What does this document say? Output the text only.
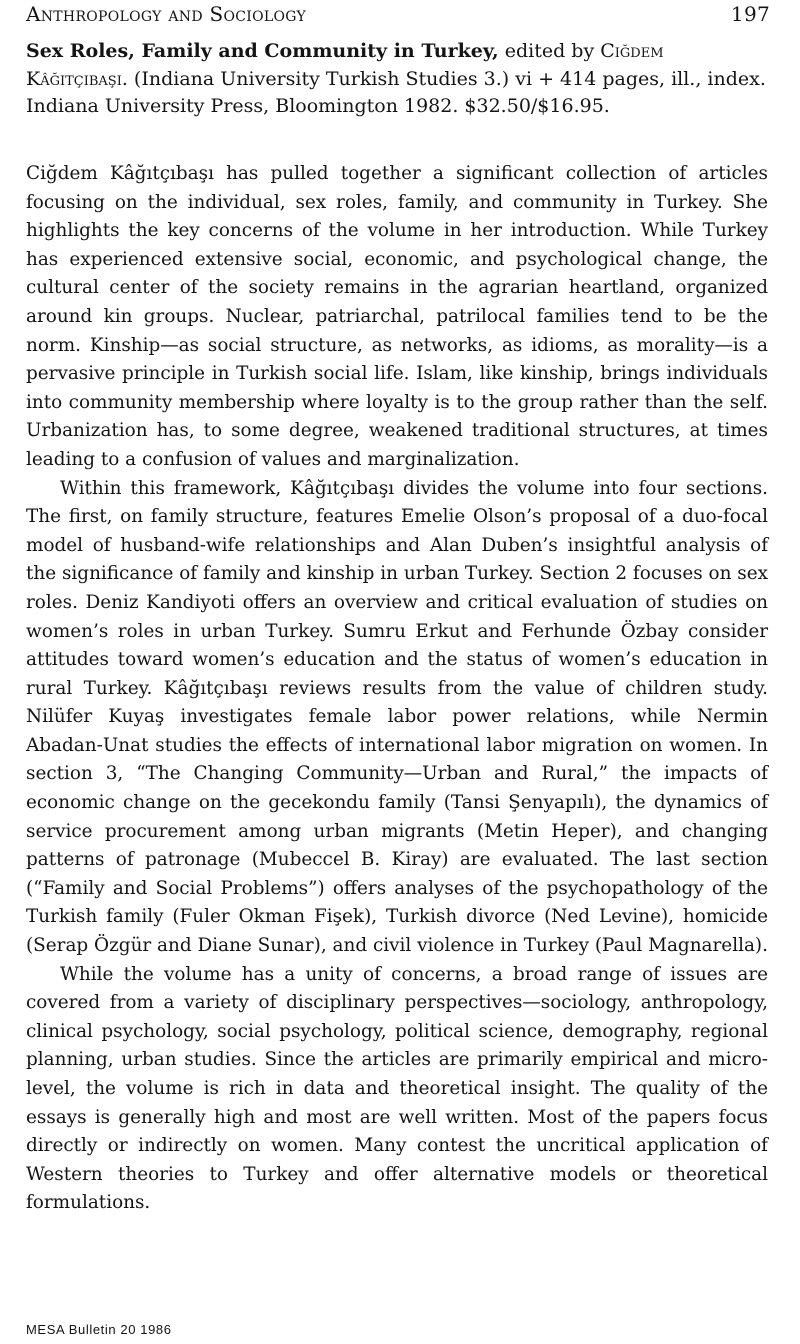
Anthropology and Sociology	197
Sex Roles, Family and Community in Turkey, edited by Ciğdem Kâğitçibaşi. (Indiana University Turkish Studies 3.) vi + 414 pages, ill., index. Indiana University Press, Bloomington 1982. $32.50/$16.95.

Ciğdem Kâğıtçıbaşı has pulled together a significant collection of articles focusing on the individual, sex roles, family, and community in Turkey. She highlights the key concerns of the volume in her introduction. While Turkey has experienced extensive social, economic, and psychological change, the cultural center of the society remains in the agrarian heartland, organized around kin groups. Nuclear, patriarchal, patrilocal families tend to be the norm. Kinship—as social structure, as networks, as idioms, as morality—is a pervasive principle in Turkish social life. Islam, like kinship, brings individuals into community membership where loyalty is to the group rather than the self. Urbanization has, to some degree, weakened traditional structures, at times leading to a confusion of values and marginalization.

Within this framework, Kâğıtçıbaşı divides the volume into four sections. The first, on family structure, features Emelie Olson’s proposal of a duo-focal model of husband-wife relationships and Alan Duben’s insightful analysis of the significance of family and kinship in urban Turkey. Section 2 focuses on sex roles. Deniz Kandiyoti offers an overview and critical evaluation of studies on women’s roles in urban Turkey. Sumru Erkut and Ferhunde Özbay consider attitudes toward women’s education and the status of women’s education in rural Turkey. Kâğıtçıbaşı reviews results from the value of children study. Nilüfer Kuyaş investigates female labor power relations, while Nermin Abadan-Unat studies the effects of international labor migration on women. In section 3, “The Changing Community—Urban and Rural,” the impacts of economic change on the gecekondu family (Tansi Şenyapılı), the dynamics of service procurement among urban migrants (Metin Heper), and changing patterns of patronage (Mubeccel B. Kiray) are evaluated. The last section (“Family and Social Problems”) offers analyses of the psychopathology of the Turkish family (Fuler Okman Fişek), Turkish divorce (Ned Levine), homicide (Serap Özgür and Diane Sunar), and civil violence in Turkey (Paul Magnarella).

While the volume has a unity of concerns, a broad range of issues are covered from a variety of disciplinary perspectives—sociology, anthropology, clinical psychology, social psychology, political science, demography, regional planning, urban studies. Since the articles are primarily empirical and micro-level, the volume is rich in data and theoretical insight. The quality of the essays is generally high and most are well written. Most of the papers focus directly or indirectly on women. Many contest the uncritical application of Western theories to Turkey and offer alternative models or theoretical formulations.

MESA Bulletin 20 1986
